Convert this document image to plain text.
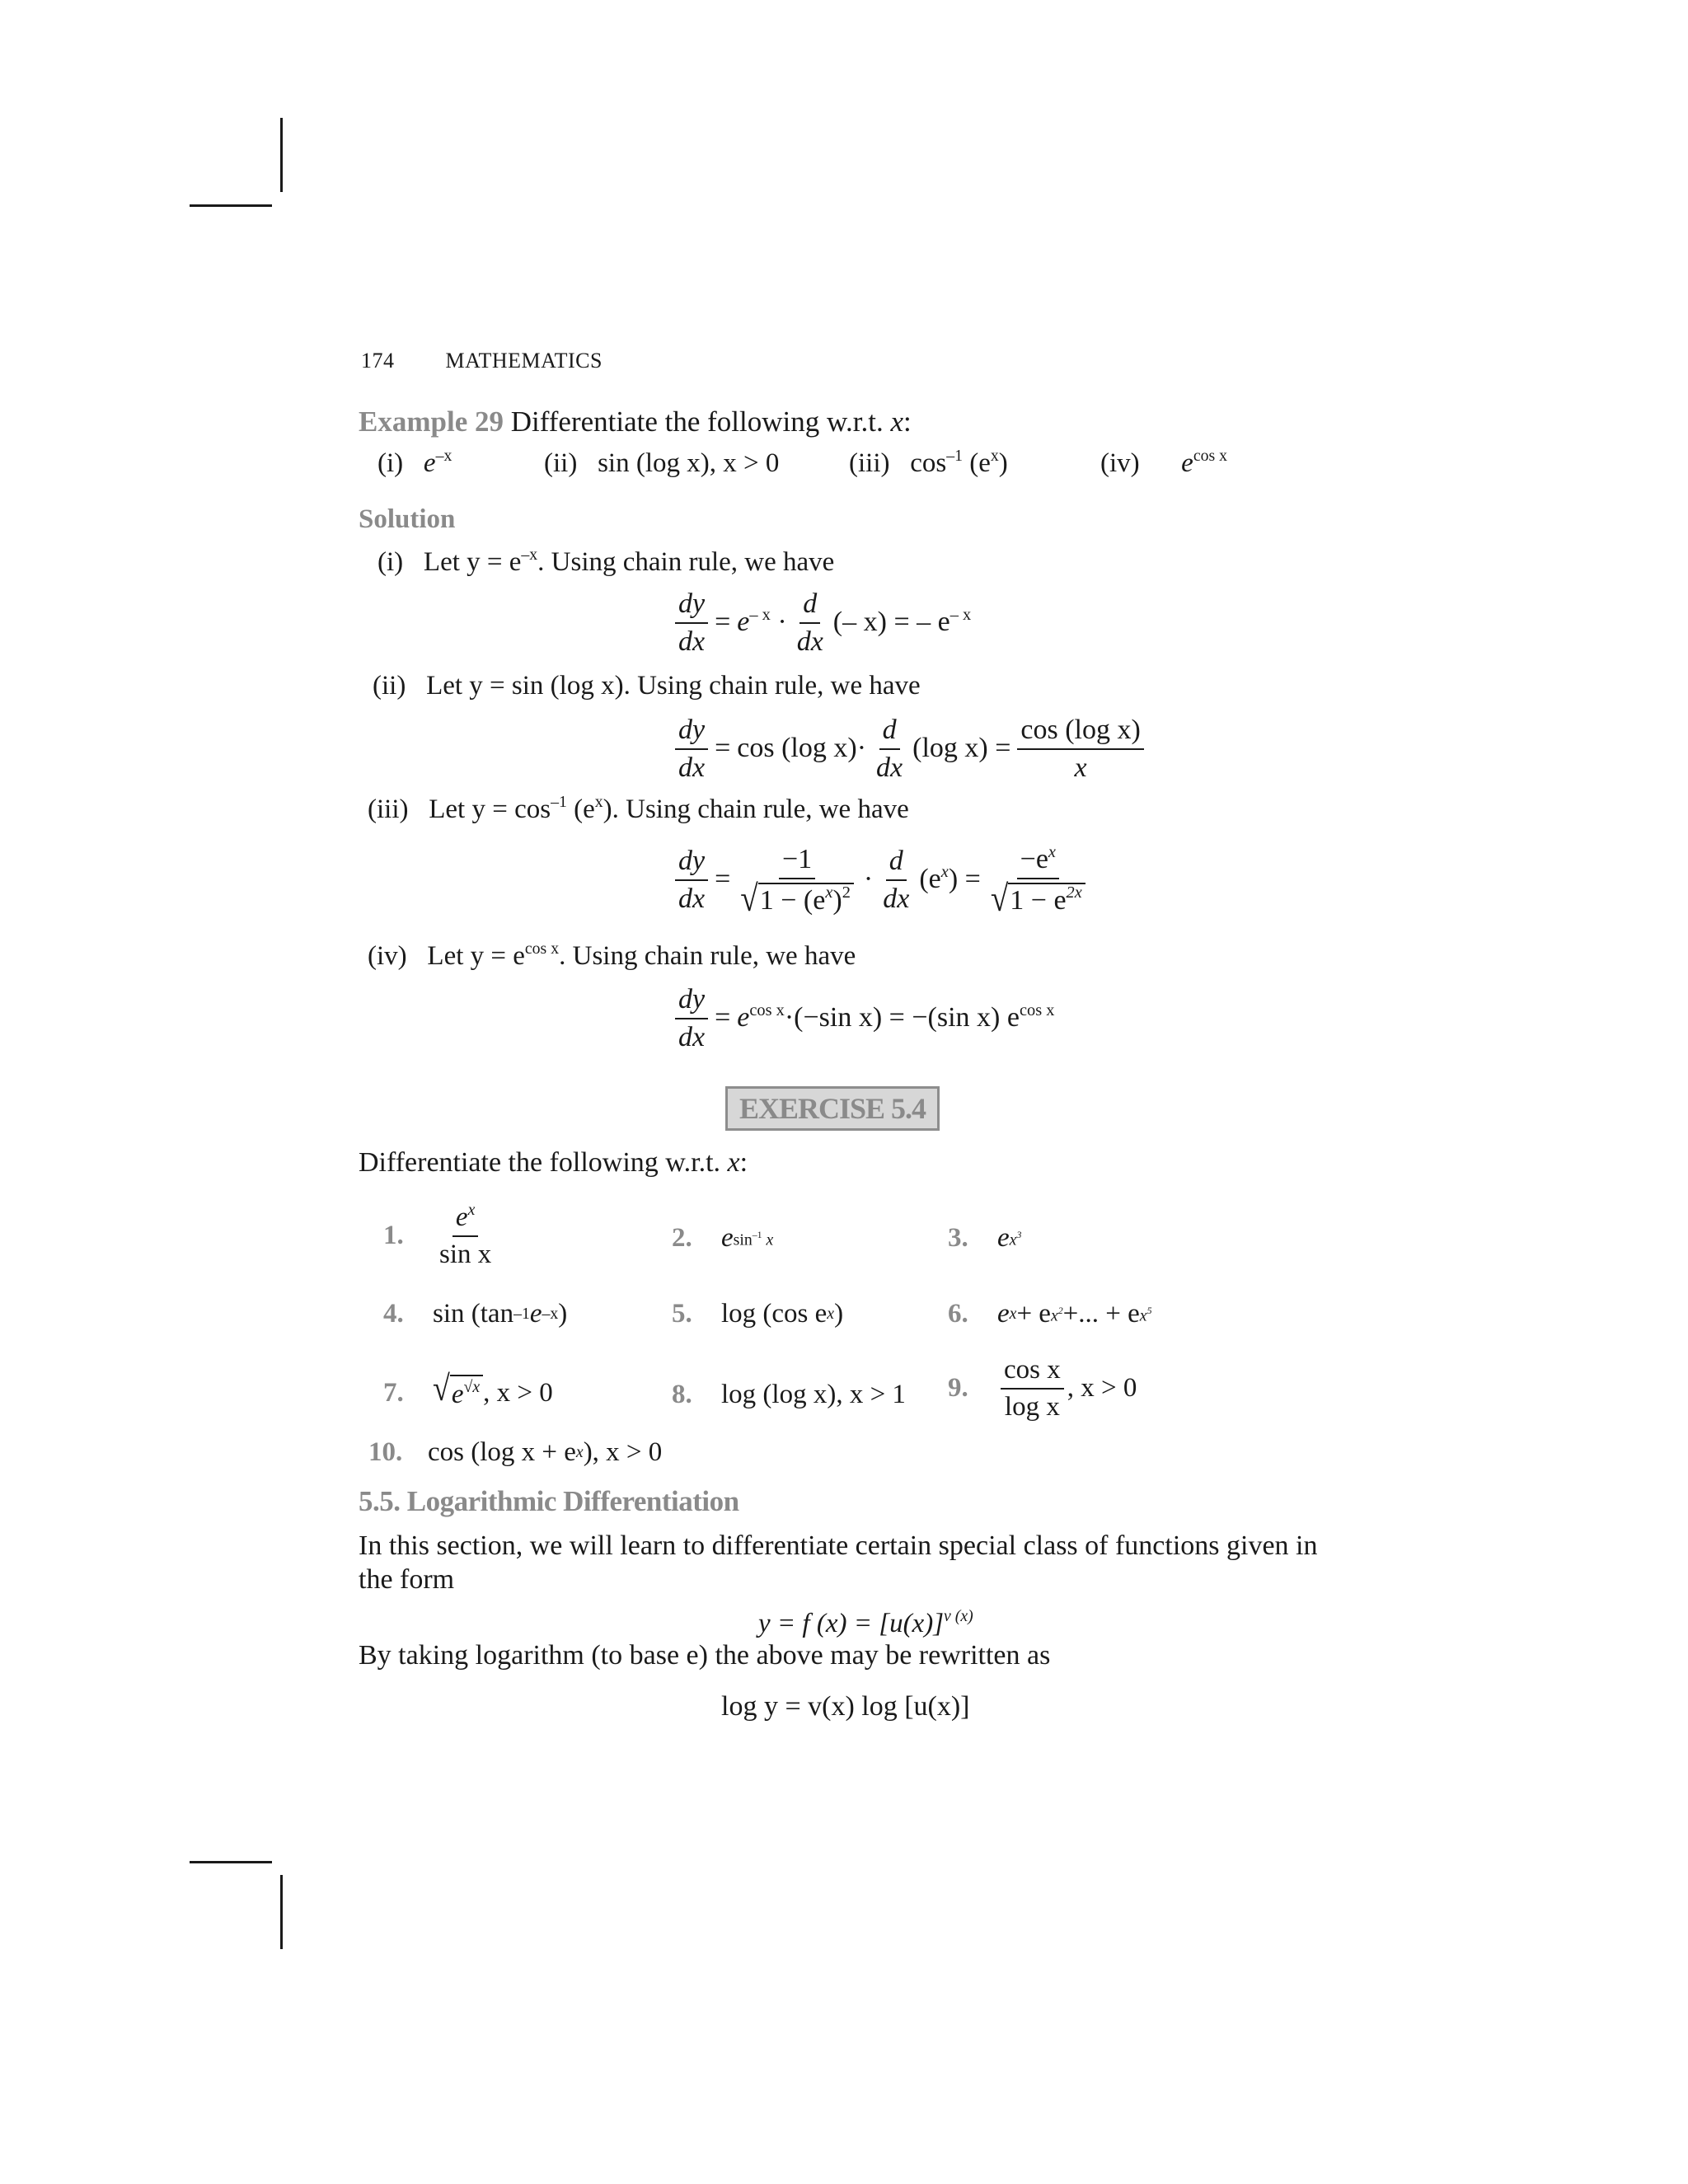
174 MATHEMATICS
Example 29 Differentiate the following w.r.t. x:
(i) $e^{-x}$	(ii) sin (log x), x > 0	(iii) $\cos^{-1} (e^x)$	(iv) $e^{cos x}$
Solution
(i) Let $y = e^{-x}$. Using chain rule, we have
$\frac{dy}{dx} = e^{- x} \cdot \frac{d}{dx}$ (– x) = – $e^{- x}$
(ii) Let y = sin (log x). Using chain rule, we have
$\frac{dy}{dx} = \cos (\log$ $x)\cdot \frac{d}{dx} (\log$ $x) = \frac{\text{cos (log x)}}{x}$
(iii) Let $y = \cos^{-1} (e^x)$. Using chain rule, we have
$\frac{dy}{dx} = \frac{-1}{√ 1 - (e^x)^2} \cdot \frac{d}{dx} (e^x) = \frac{-e^x}{√ 1 - e^{2x}}$
(iv) Let $y = e^{cos x}$. Using chain rule, we have
$\frac{dy}{dx} = e^{cos x}\cdot(-\sin$ x) = −(sin x) $e^{cos x}$
EXERCISE 5.4
Differentiate the following w.r.t. x:
1.	$\frac{e^x}{\text{sin x}}$	2.	e $^{sin^{-1} x}$	3.	e $^{x^3}$
4.	$\sin (\tan^{-1}$ $e^{-x}$ )	5.	log (cos $e^x$ )	6.	$e^x + e$ $^{x^2}$ +... + e $^{x^5}$
7. √ $e^{√x}$ , x > 0	8.	log (log x), x > 1 9.	$\frac{\text{cos x}}{\text{log x}}$ , x > 0
10. cos (log $x + e^x$ ), x > 0
5.5. Logarithmic Differentiation
In this section, we will learn to differentiate certain special class of functions given in the form
y = f $(x) = [u(x)]^{v (x)}$
By taking logarithm (to base e) the above may be rewritten as
log y = v(x) log [u(x)]
